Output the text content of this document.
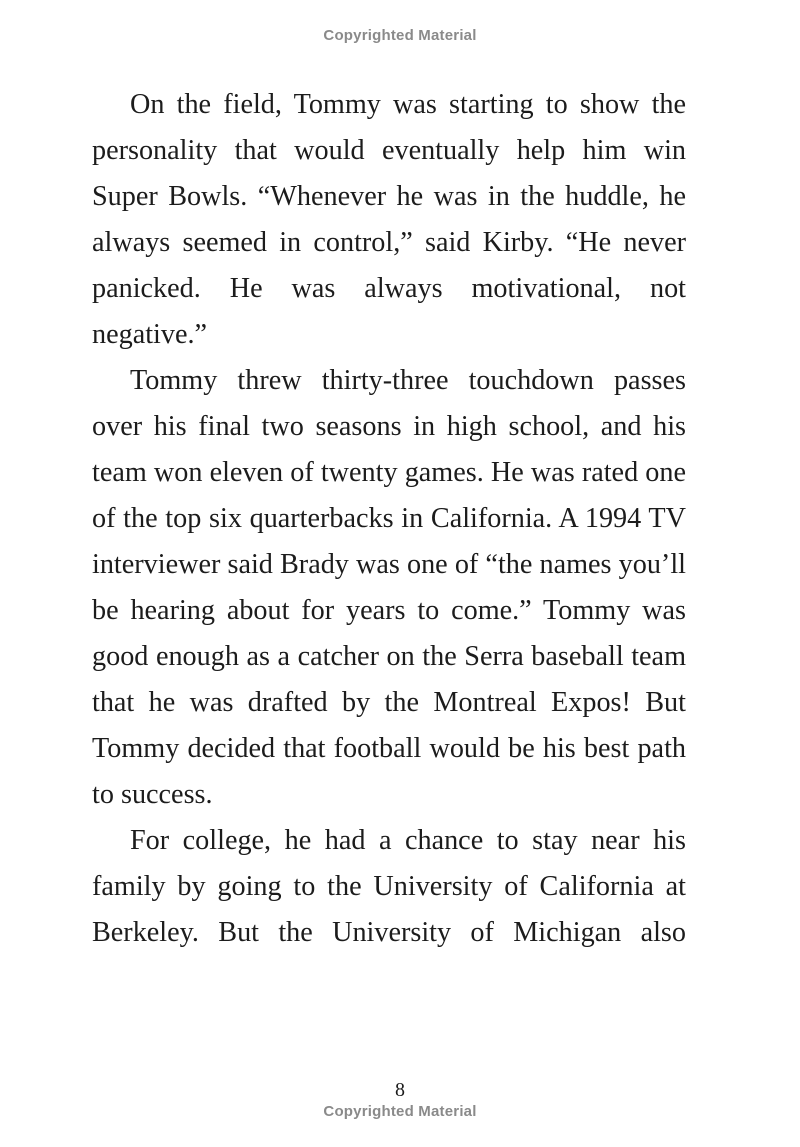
Copyrighted Material

On the field, Tommy was starting to show the personality that would eventually help him win Super Bowls. “Whenever he was in the huddle, he always seemed in control,” said Kirby. “He never panicked. He was always motivational, not negative.”

Tommy threw thirty-three touchdown passes over his final two seasons in high school, and his team won eleven of twenty games. He was rated one of the top six quarterbacks in California. A 1994 TV interviewer said Brady was one of “the names you’ll be hearing about for years to come.” Tommy was good enough as a catcher on the Serra baseball team that he was drafted by the Montreal Expos! But Tommy decided that football would be his best path to success.

For college, he had a chance to stay near his family by going to the University of California at Berkeley. But the University of Michigan also

8
Copyrighted Material
